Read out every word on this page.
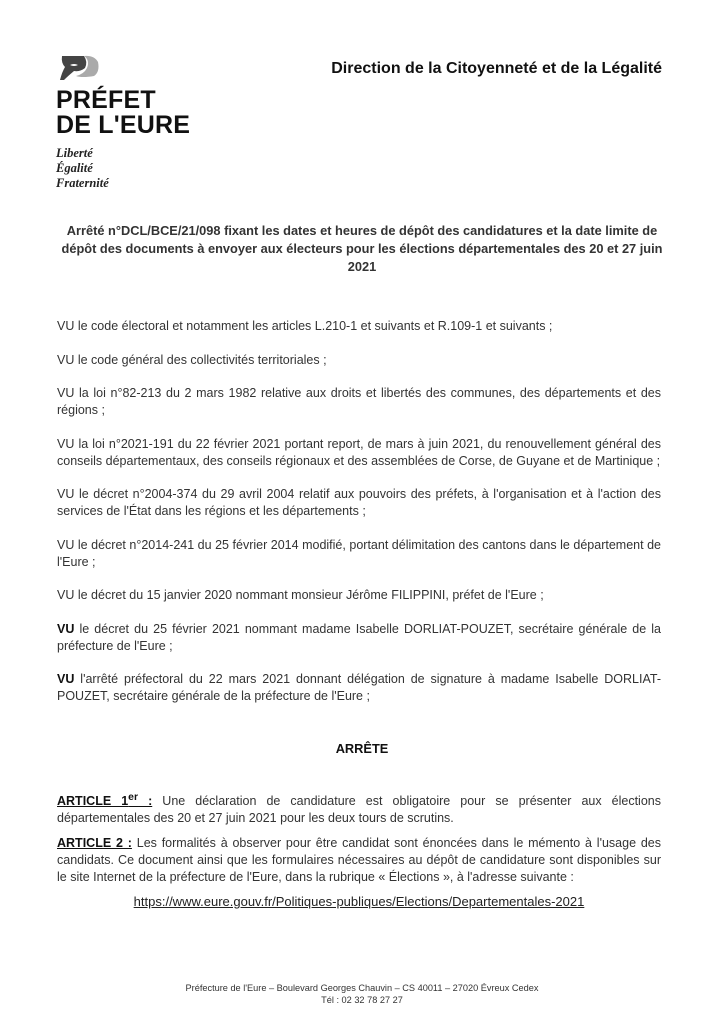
PRÉFET
DE L'EURE
Liberté
Égalité
Fraternité
Direction de la Citoyenneté et de la Légalité
Arrêté n°DCL/BCE/21/098 fixant les dates et heures de dépôt des candidatures et la date limite de dépôt des documents à envoyer aux électeurs pour les élections départementales des 20 et 27 juin 2021

VU le code électoral et notamment les articles L.210-1 et suivants et R.109-1 et suivants ;

VU le code général des collectivités territoriales ;

VU la loi n°82-213 du 2 mars 1982 relative aux droits et libertés des communes, des départements et des régions ;

VU la loi n°2021-191 du 22 février 2021 portant report, de mars à juin 2021, du renouvellement général des conseils départementaux, des conseils régionaux et des assemblées de Corse, de Guyane et de Martinique ;

VU le décret n°2004-374 du 29 avril 2004 relatif aux pouvoirs des préfets, à l'organisation et à l'action des services de l'État dans les régions et les départements ;

VU le décret n°2014-241 du 25 février 2014 modifié, portant délimitation des cantons dans le département de l'Eure ;

VU le décret du 15 janvier 2020 nommant monsieur Jérôme FILIPPINI, préfet de l'Eure ;

VU le décret du 25 février 2021 nommant madame Isabelle DORLIAT-POUZET, secrétaire générale de la préfecture de l'Eure ;

VU l'arrêté préfectoral du 22 mars 2021 donnant délégation de signature à madame Isabelle DORLIAT-POUZET, secrétaire générale de la préfecture de l'Eure ;

ARRÊTE

ARTICLE 1er : Une déclaration de candidature est obligatoire pour se présenter aux élections départementales des 20 et 27 juin 2021 pour les deux tours de scrutins.

ARTICLE 2 : Les formalités à observer pour être candidat sont énoncées dans le mémento à l'usage des candidats. Ce document ainsi que les formulaires nécessaires au dépôt de candidature sont disponibles sur le site Internet de la préfecture de l'Eure, dans la rubrique « Élections », à l'adresse suivante :

https://www.eure.gouv.fr/Politiques-publiques/Elections/Departementales-2021
Préfecture de l'Eure – Boulevard Georges Chauvin – CS 40011 – 27020 Évreux Cedex
Tél : 02 32 78 27 27
